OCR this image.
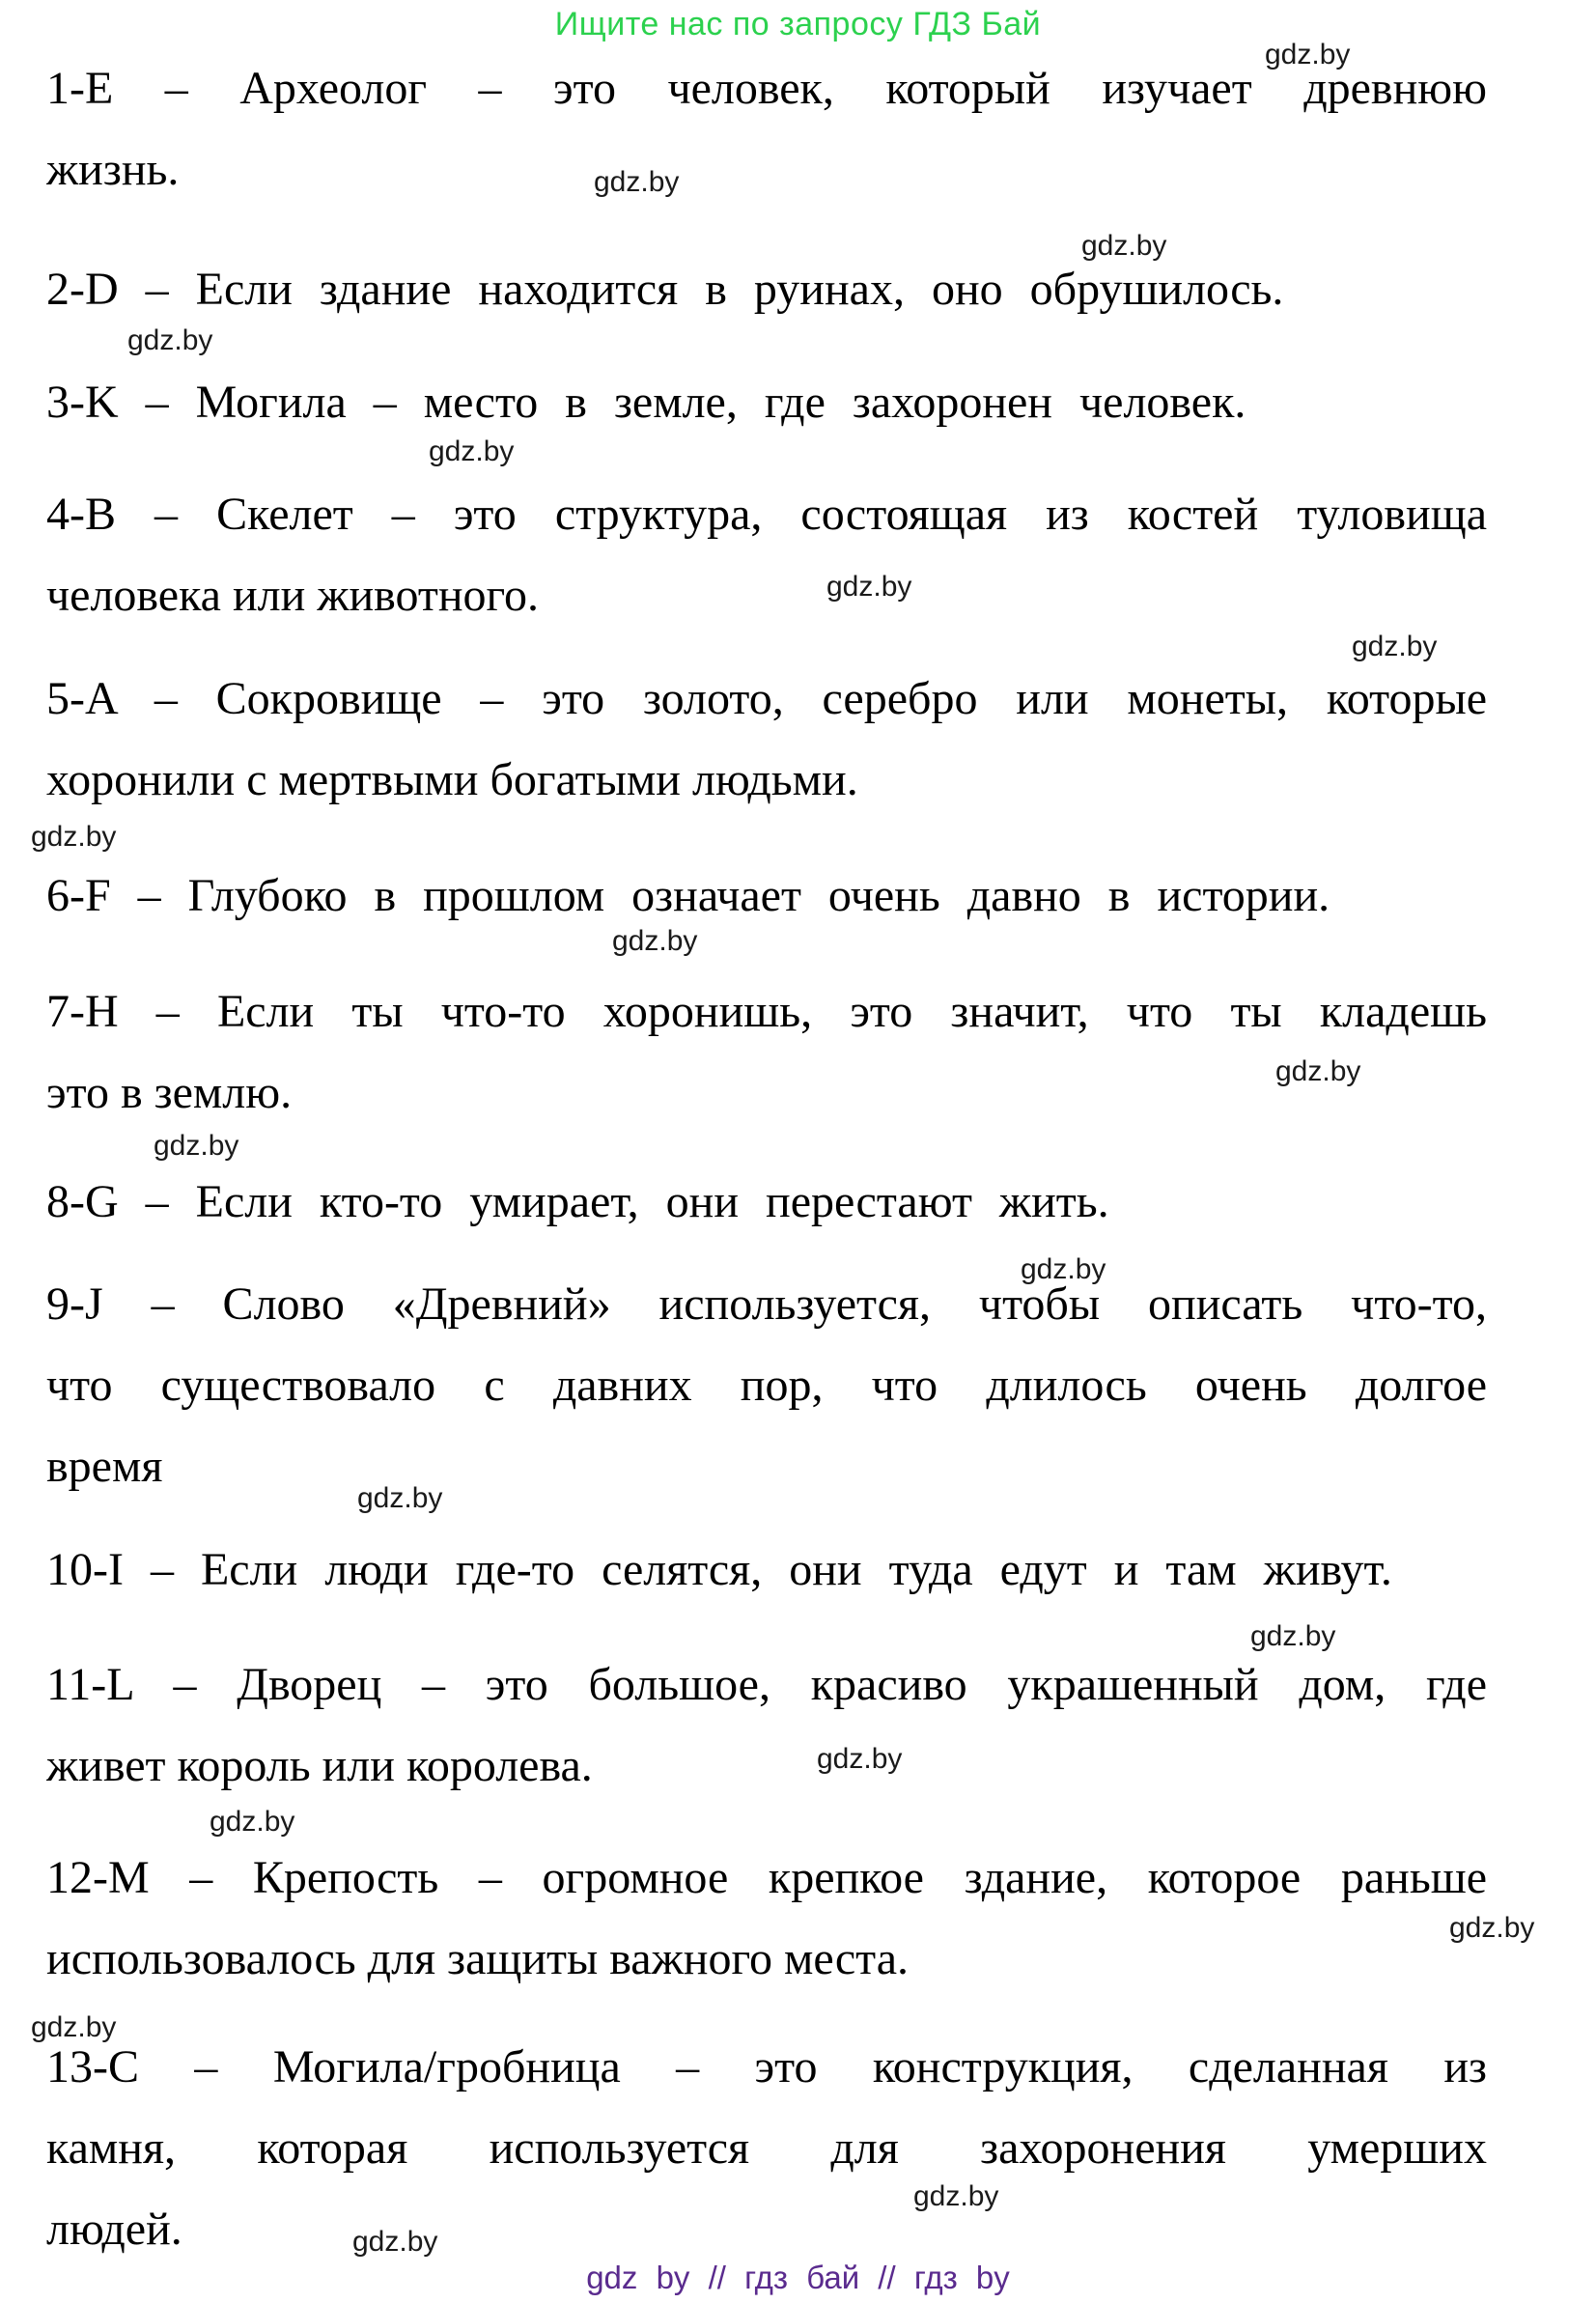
Ищите нас по запросу ГДЗ Бай
1-E – Археолог – это человек, который изучает древнюю
жизнь.
2-D – Если здание находится в руинах, оно обрушилось.
3-K – Могила – место в земле, где захоронен человек.
4-B – Скелет – это структура, состоящая из костей туловища
человека или животного.
5-A – Сокровище – это золото, серебро или монеты, которые
хоронили с мертвыми богатыми людьми.
6-F – Глубоко в прошлом означает очень давно в истории.
7-H – Если ты что-то хоронишь, это значит, что ты кладешь
это в землю.
8-G – Если кто-то умирает, они перестают жить.
9-J – Слово «Древний» используется, чтобы описать что-то,
что существовало с давних пор, что длилось очень долгое
время
10-I – Если люди где-то селятся, они туда едут и там живут.
11-L – Дворец – это большое, красиво украшенный дом, где
живет король или королева.
12-M – Крепость – огромное крепкое здание, которое раньше
использовалось для защиты важного места.
13-C – Могила/гробница – это конструкция, сделанная из
камня, которая используется для захоронения умерших
людей.
gdz.by
gdz.by
gdz.by
gdz.by
gdz.by
gdz.by
gdz.by
gdz.by
gdz.by
gdz.by
gdz.by
gdz.by
gdz.by
gdz.by
gdz.by
gdz.by
gdz.by
gdz.by
gdz.by
gdz.by
gdz by // гдз бай // гдз by
